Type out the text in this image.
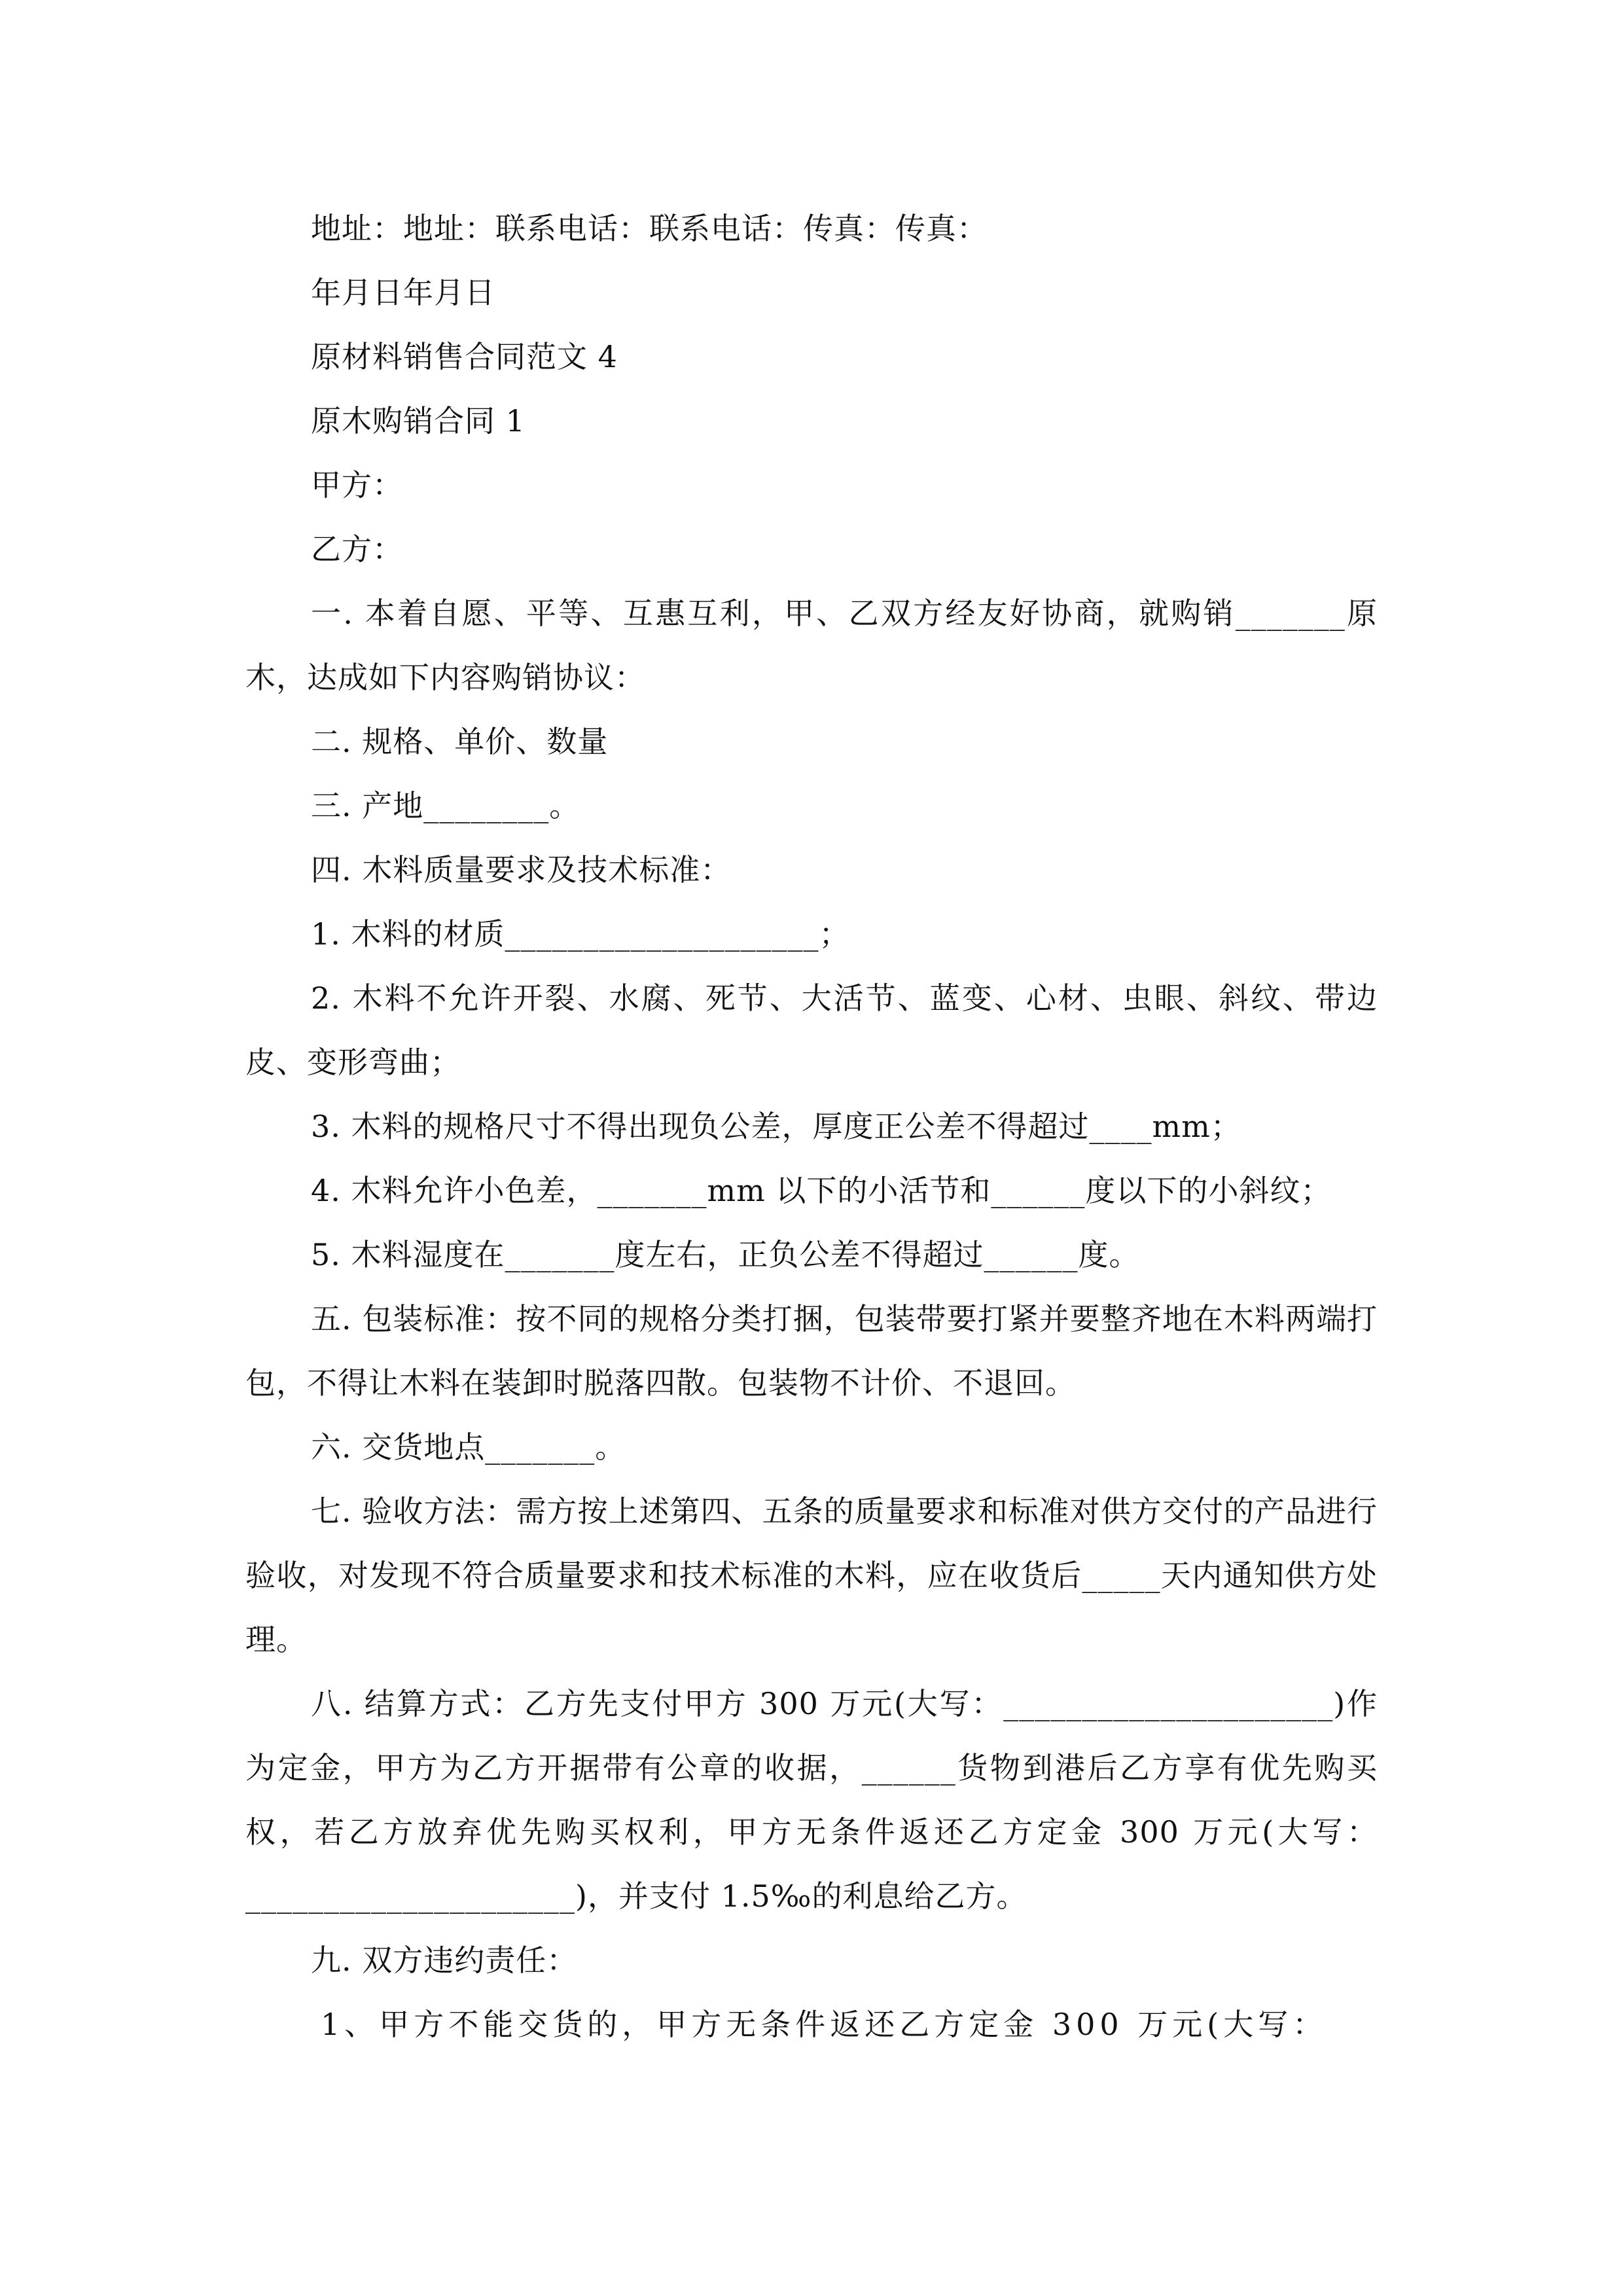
地址：地址：联系电话：联系电话：传真：传真：

年月日年月日

原材料销售合同范文 4

原木购销合同 1

甲方：

乙方：

一. 本着自愿、平等、互惠互利，甲、乙双方经友好协商，就购销_______原木，达成如下内容购销协议：

二. 规格、单价、数量

三. 产地________。

四. 木料质量要求及技术标准：

1. 木料的材质____________________；

2. 木料不允许开裂、水腐、死节、大活节、蓝变、心材、虫眼、斜纹、带边皮、变形弯曲；

3. 木料的规格尺寸不得出现负公差，厚度正公差不得超过____mm；

4. 木料允许小色差，_______mm 以下的小活节和______度以下的小斜纹；

5. 木料湿度在_______度左右，正负公差不得超过______度。

五. 包装标准：按不同的规格分类打捆，包装带要打紧并要整齐地在木料两端打包，不得让木料在装卸时脱落四散。包装物不计价、不退回。

六. 交货地点_______。

七. 验收方法：需方按上述第四、五条的质量要求和标准对供方交付的产品进行验收，对发现不符合质量要求和技术标准的木料，应在收货后_____天内通知供方处理。

八. 结算方式：乙方先支付甲方 300 万元(大写：_____________________)作为定金，甲方为乙方开据带有公章的收据，______货物到港后乙方享有优先购买权，若乙方放弃优先购买权利，甲方无条件返还乙方定金 300 万元(大写：_____________________)，并支付 1.5‰的利息给乙方。

九. 双方违约责任：

1、甲方不能交货的，甲方无条件返还乙方定金 300 万元(大写：
